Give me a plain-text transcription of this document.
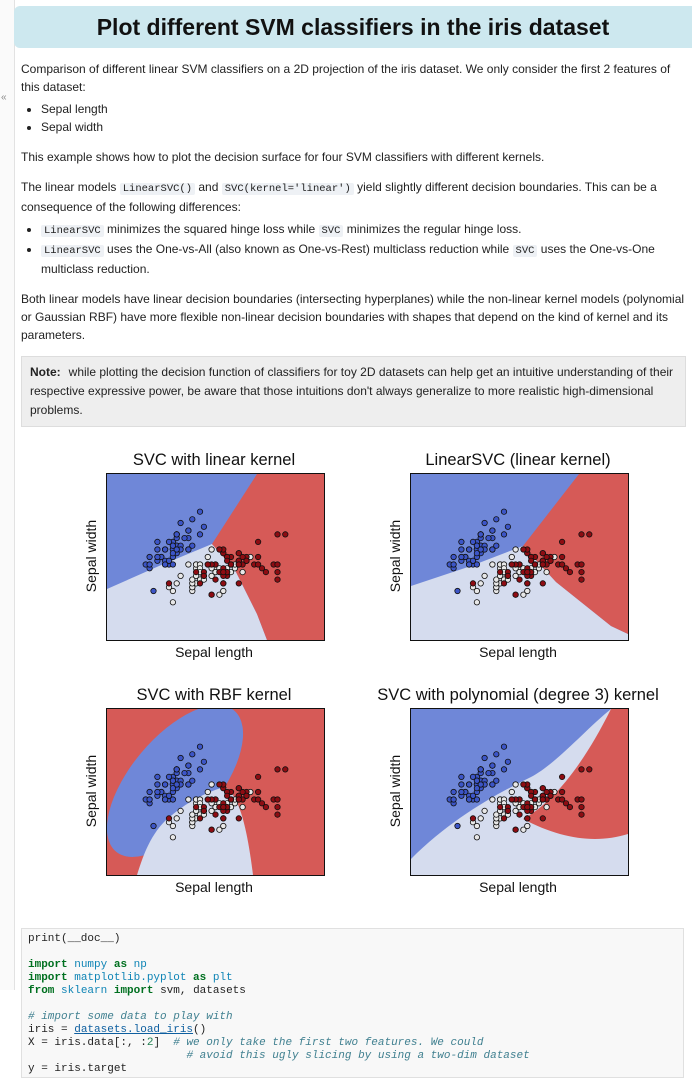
«
Plot different SVM classifiers in the iris dataset

Comparison of different linear SVM classifiers on a 2D projection of the iris dataset. We only consider the first 2 features of this dataset:

• Sepal length
• Sepal width

This example shows how to plot the decision surface for four SVM classifiers with different kernels.

The linear models LinearSVC() and SVC(kernel='linear') yield slightly different decision boundaries. This can be a consequence of the following differences:

• LinearSVC minimizes the squared hinge loss while SVC minimizes the regular hinge loss.
• LinearSVC uses the One-vs-All (also known as One-vs-Rest) multiclass reduction while SVC uses the One-vs-One multiclass reduction.

Both linear models have linear decision boundaries (intersecting hyperplanes) while the non-linear kernel models (polynomial or Gaussian RBF) have more flexible non-linear decision boundaries with shapes that depend on the kind of kernel and its parameters.

Note: while plotting the decision function of classifiers for toy 2D datasets can help get an intuitive understanding of their respective expressive power, be aware that those intuitions don't always generalize to more realistic high-dimensional problems.
SVC with linear kernel
Sepal width
Sepal length
LinearSVC (linear kernel)
Sepal width
Sepal length
SVC with RBF kernel
Sepal width
Sepal length
SVC with polynomial (degree 3) kernel
Sepal width
Sepal length
print(__doc__)

import numpy as np
import matplotlib.pyplot as plt
from sklearn import svm, datasets

# import some data to play with
iris = datasets.load_iris()
X = iris.data[:, :2]  # we only take the first two features. We could
# avoid this ugly slicing by using a two-dim dataset
y = iris.target
